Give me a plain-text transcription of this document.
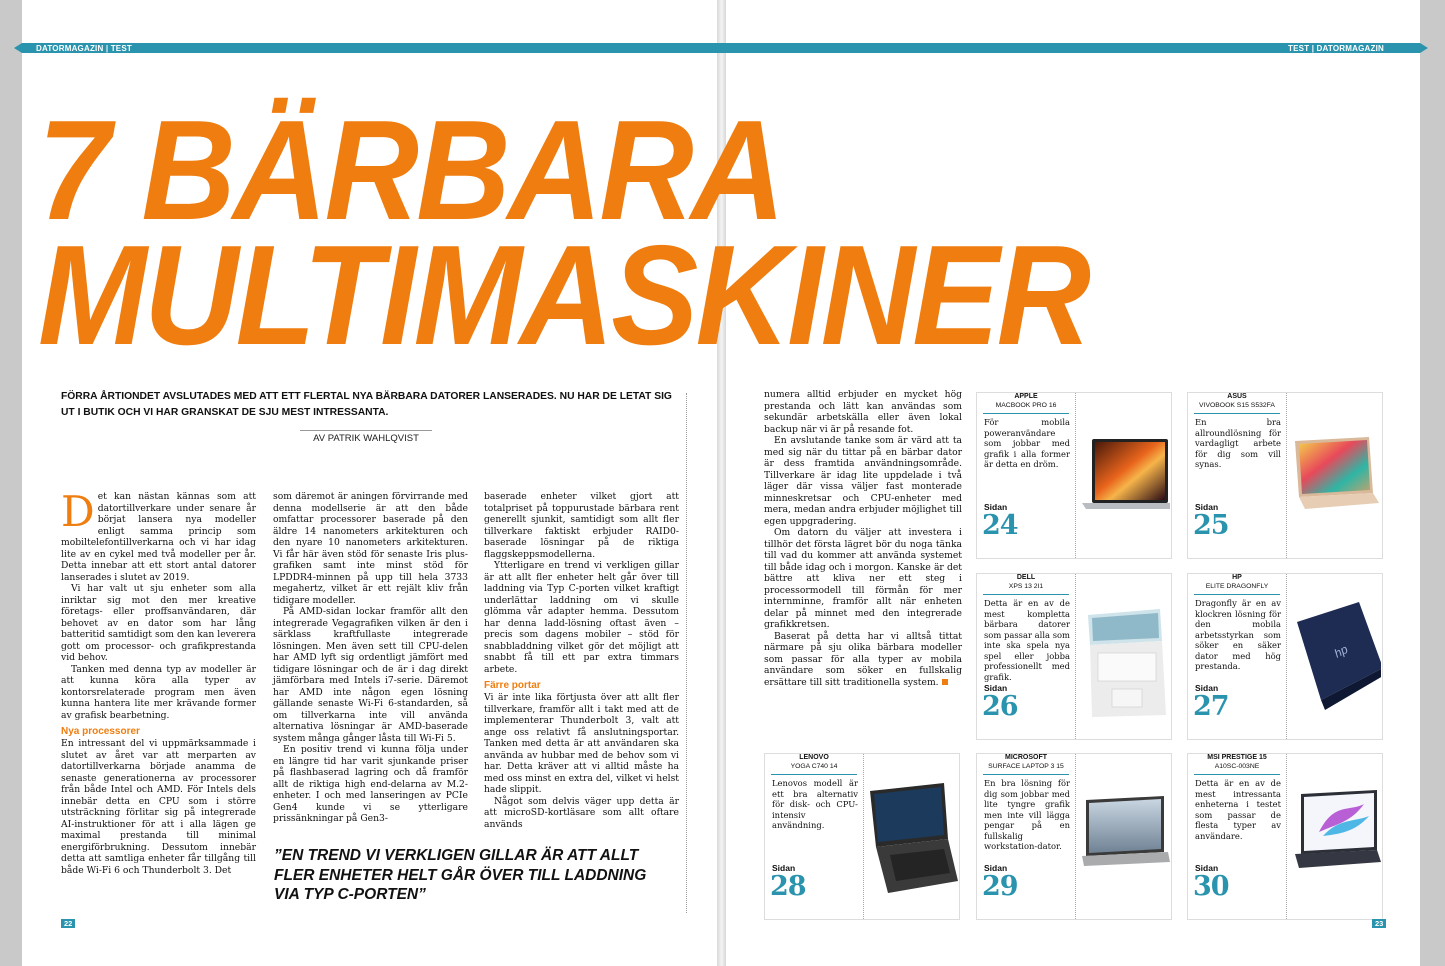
DATORMAGAZIN | TEST	TEST | DATORMAGAZIN
7 BÄRBARA
MULTIMASKINER
FÖRRA ÅRTIONDET AVSLUTADES MED ATT ETT FLERTAL NYA BÄRBARA DATORER LANSERADES. NU HAR DE LETAT SIG UT I BUTIK OCH VI HAR GRANSKAT DE SJU MEST INTRESSANTA.
AV PATRIK WAHLQVIST
D et kan nästan kännas som att datortillverkare under senare år börjat lansera nya modeller enligt samma princip som mobiltelefontillverkarna och vi har idag lite av en cykel med två modeller per år. Detta innebar att ett stort antal datorer lanserades i slutet av 2019.

Vi har valt ut sju enheter som alla inriktar sig mot den mer kreative företags- eller proffsanvändaren, där behovet av en dator som har lång batteritid samtidigt som den kan leverera gott om processor- och grafikprestanda vid behov.

Tanken med denna typ av modeller är att kunna köra alla typer av kontorsrelaterade program men även kunna hantera lite mer krävande former av grafisk bearbetning.

Nya processorer

En intressant del vi uppmärksammade i slutet av året var att merparten av datortillverkarna började anamma de senaste generationerna av processorer från både Intel och AMD. För Intels dels innebär detta en CPU som i större utsträckning förlitar sig på integrerade AI-instruktioner för att i alla lägen ge maximal prestanda till minimal energiförbrukning. Dessutom innebär detta att samtliga enheter får tillgång till både Wi-Fi 6 och Thunderbolt 3. Det

som däremot är aningen förvirrande med denna modellserie är att den både omfattar processorer baserade på den äldre 14 nanometers arkitekturen och den nyare 10 nanometers arkitekturen. Vi får här även stöd för senaste Iris plus-grafiken samt inte minst stöd för LPDDR4-minnen på upp till hela 3733 megahertz, vilket är ett rejält kliv från tidigare modeller.

På AMD-sidan lockar framför allt den integrerade Vegagrafiken vilken är den i särklass kraftfullaste integrerade lösningen. Men även sett till CPU-delen har AMD lyft sig ordentligt jämfört med tidigare lösningar och de är i dag direkt jämförbara med Intels i7-serie. Däremot har AMD inte någon egen lösning gällande senaste Wi-Fi 6-standarden, så om tillverkarna inte vill använda alternativa lösningar är AMD-baserade system många gånger låsta till Wi-Fi 5.

En positiv trend vi kunna följa under en längre tid har varit sjunkande priser på flashbaserad lagring och då framför allt de riktiga high end-delarna av M.2-enheter. I och med lanseringen av PCIe Gen4 kunde vi se ytterligare prissänkningar på Gen3-

baserade enheter vilket gjort att totalpriset på toppurustade bärbara rent generellt sjunkit, samtidigt som allt fler tillverkare faktiskt erbjuder RAID0-baserade lösningar på de riktiga flaggskeppsmodellerna.

Ytterligare en trend vi verkligen gillar är att allt fler enheter helt går över till laddning via Typ C-porten vilket kraftigt underlättar laddning om vi skulle glömma vår adapter hemma. Dessutom har denna ladd-lösning oftast även – precis som dagens mobiler – stöd för snabbladdning vilket gör det möjligt att snabbt få till ett par extra timmars arbete.

Färre portar

Vi är inte lika förtjusta över att allt fler tillverkare, framför allt i takt med att de implementerar Thunderbolt 3, valt att ange oss relativt få anslutningsportar. Tanken med detta är att användaren ska använda av hubbar med de behov som vi har. Detta kräver att vi alltid måste ha med oss minst en extra del, vilket vi helst hade slippit.

Något som delvis väger upp detta är att microSD-kortläsare som allt oftare används

”EN TREND VI VERKLIGEN GILLAR ÄR ATT ALLT FLER ENHETER HELT GÅR ÖVER TILL LADDNING VIA TYP C-PORTEN”

numera alltid erbjuder en mycket hög prestanda och lätt kan användas som sekundär arbetskälla eller även lokal backup när vi är på resande fot.

En avslutande tanke som är värd att ta med sig när du tittar på en bärbar dator är dess framtida användningsområde. Tillverkare är idag lite uppdelade i två läger där vissa väljer fast monterade minneskretsar och CPU-enheter med mera, medan andra erbjuder möjlighet till egen uppgradering.

Om datorn du väljer att investera i tillhör det första lägret bör du noga tänka till vad du kommer att använda systemet till både idag och i morgon. Kanske är det bättre att kliva ner ett steg i processormodell till förmån för mer internminne, framför allt när enheten delar på minnet med den integrerade grafikkretsen.

Baserat på detta har vi alltså tittat närmare på sju olika bärbara modeller som passar för alla typer av mobila användare som söker en fullskalig ersättare till sitt traditionella system.

APPLE
MACBOOK PRO 16
För mobila poweranvändare som jobbar med grafik i alla former är detta en dröm.
Sidan
24
ASUS
VIVOBOOK S15 S532FA
En bra allroundlösning för vardagligt arbete för dig som vill synas.
Sidan
25
DELL
XPS 13 2I1
Detta är en av de mest kompletta bärbara datorer som passar alla som inte ska spela nya spel eller jobba professionellt med grafik.
Sidan
26
HP
ELITE DRAGONFLY
Dragonfly är en av klockren lösning för den mobila arbetsstyrkan som söker en säker dator med hög prestanda.
Sidan
27
hp
LENOVO
YOGA C740 14
Lenovos modell är ett bra alternativ för disk- och CPU-intensiv användning.
Sidan
28
MICROSOFT
SURFACE LAPTOP 3 15
En bra lösning för dig som jobbar med lite tyngre grafik men inte vill lägga pengar på en fullskalig workstation-dator.
Sidan
29
MSI PRESTIGE 15
A10SC-003NE
Detta är en av de mest intressanta enheterna i testet som passar de flesta typer av användare.
Sidan
30
22	23
